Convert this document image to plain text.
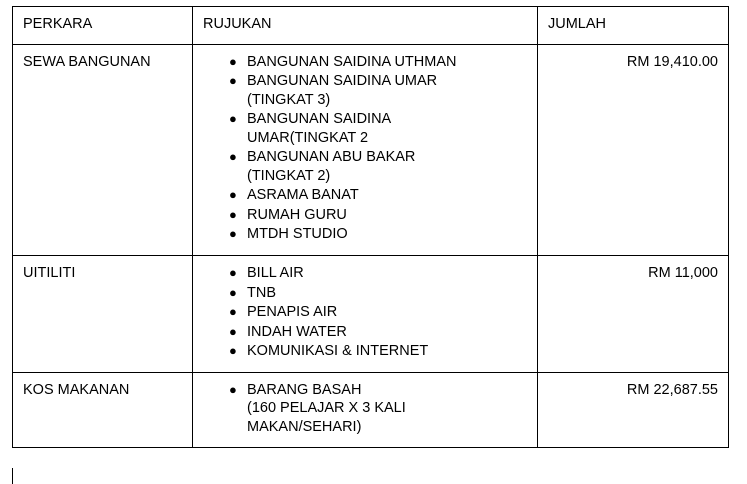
PERKARA	RUJUKAN	JUMLAH
SEWA BANGUNAN	● BANGUNAN SAIDINA UTHMAN
● BANGUNAN SAIDINA UMAR
(TINGKAT 3)
● BANGUNAN SAIDINA
UMAR(TINGKAT 2
● BANGUNAN ABU BAKAR
(TINGKAT 2)
● ASRAMA BANAT
● RUMAH GURU
● MTDH STUDIO
	RM 19,410.00
UITILITI	● BILL AIR
● TNB
● PENAPIS AIR
● INDAH WATER
● KOMUNIKASI & INTERNET
	RM 11,000
KOS MAKANAN	● BARANG BASAH
(160 PELAJAR X 3 KALI
MAKAN/SEHARI)
	RM 22,687.55
